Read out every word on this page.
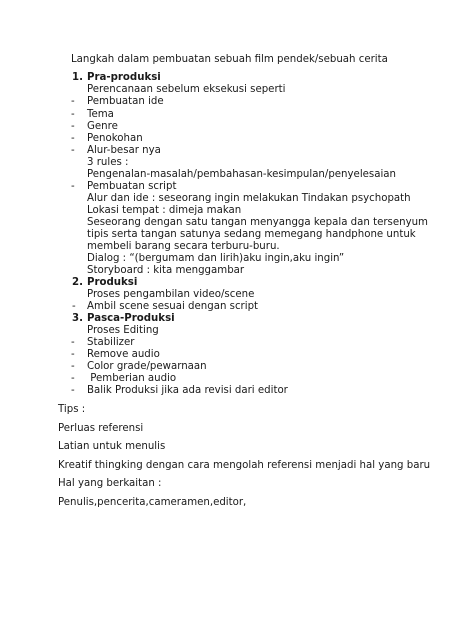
Langkah dalam pembuatan sebuah film pendek/sebuah cerita
1. Pra-produksi
Perencanaan sebelum eksekusi seperti
- Pembuatan ide
- Tema
- Genre
- Penokohan
- Alur-besar nya
3 rules :
Pengenalan-masalah/pembahasan-kesimpulan/penyelesaian
- Pembuatan script
Alur dan ide : seseorang ingin melakukan Tindakan psychopath
Lokasi tempat : dimeja makan
Seseorang dengan satu tangan menyangga kepala dan tersenyum
tipis serta tangan satunya sedang memegang handphone untuk
membeli barang secara terburu-buru.
Dialog : “(bergumam dan lirih)aku ingin,aku ingin”
Storyboard : kita menggambar
2. Produksi
Proses pengambilan video/scene
- Ambil scene sesuai dengan script
3. Pasca-Produksi
Proses Editing
- Stabilizer
- Remove audio
- Color grade/pewarnaan
- Pemberian audio
- Balik Produksi jika ada revisi dari editor
Tips :
Perluas referensi
Latian untuk menulis
Kreatif thingking dengan cara mengolah referensi menjadi hal yang baru
Hal yang berkaitan :
Penulis,pencerita,cameramen,editor,
